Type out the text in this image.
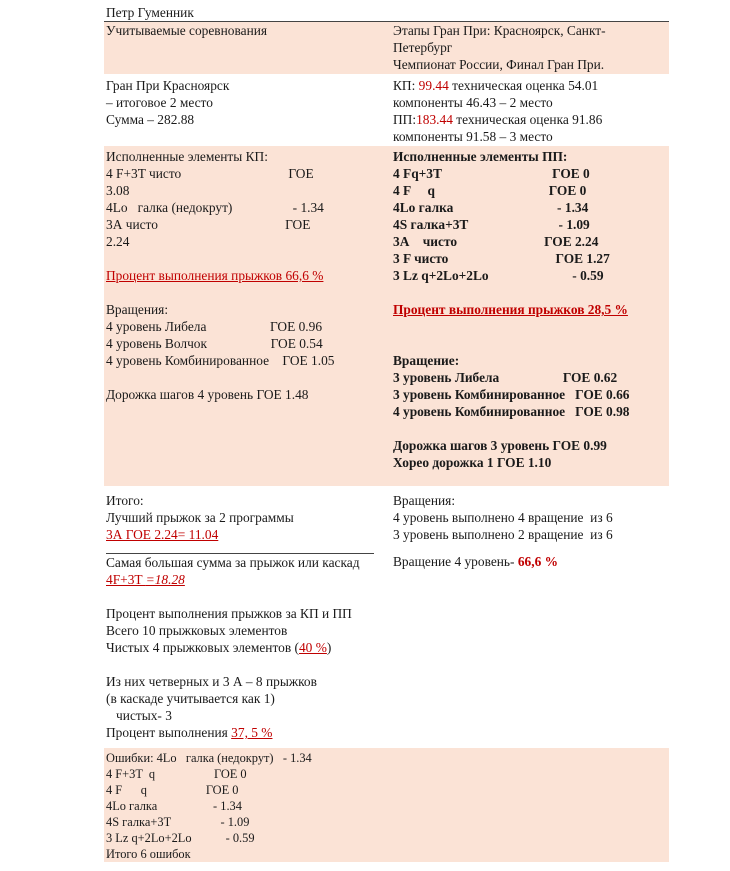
Петр Гуменник
Учитываемые соревнования	Этапы Гран При: Красноярск, Санкт-
Петербург
Чемпионат России, Финал Гран При.
Гран При Красноярск
– итоговое 2 место
Сумма – 282.88
КП: 99.44 техническая оценка 54.01
компоненты 46.43 – 2 место
ПП:183.44 техническая оценка 91.86
компоненты 91.58 – 3 место
Исполненные элементы КП:
4 F+3T чисто                                ГОЕ
3.08
4Lo   галка (недокрут)                  - 1.34
3А чисто                                      ГОЕ
2.24
Процент выполнения прыжков 66,6 %
Вращения:
4 уровень Либела                   ГОЕ 0.96
4 уровень Волчок                   ГОЕ 0.54
4 уровень Комбинированное    ГОЕ 1.05
Дорожка шагов 4 уровень ГОЕ 1.48
Исполненные элементы ПП:
4 Fq+3T                                 ГОЕ 0
4 F     q                                  ГОЕ 0
4Lo галка                               - 1.34
4S галка+3T                           - 1.09
3А    чисто                          ГОЕ 2.24
3 F чисто                                ГОЕ 1.27
3 Lz q+2Lo+2Lo                         - 0.59
Процент выполнения прыжков 28,5 %
Вращение:
3 уровень Либела                   ГОЕ 0.62
3 уровень Комбинированное   ГОЕ 0.66
4 уровень Комбинированное   ГОЕ 0.98
Дорожка шагов 3 уровень ГОЕ 0.99
Хорео дорожка 1 ГОЕ 1.10
Итого:
Лучший прыжок за 2 программы
3А ГОЕ 2.24= 11.04
Самая большая сумма за прыжок или каскад
4F+3T =18.28
Процент выполнения прыжков за КП и ПП
Всего 10 прыжковых элементов
Чистых 4 прыжковых элементов (40 %)
Из них четверных и 3 А – 8 прыжков
(в каскаде учитывается как 1)
чистых- 3
Процент выполнения 37, 5 %
Вращения:
4 уровень выполнено 4 вращение  из 6
3 уровень выполнено 2 вращение  из 6
Вращение 4 уровень- 66,6 %
Ошибки: 4Lo   галка (недокрут)   - 1.34
4 F+3T  q                   ГОЕ 0
4 F      q                   ГОЕ 0
4Lo галка                  - 1.34
4S галка+3T                - 1.09
3 Lz q+2Lo+2Lo           - 0.59
Итого 6 ошибок
